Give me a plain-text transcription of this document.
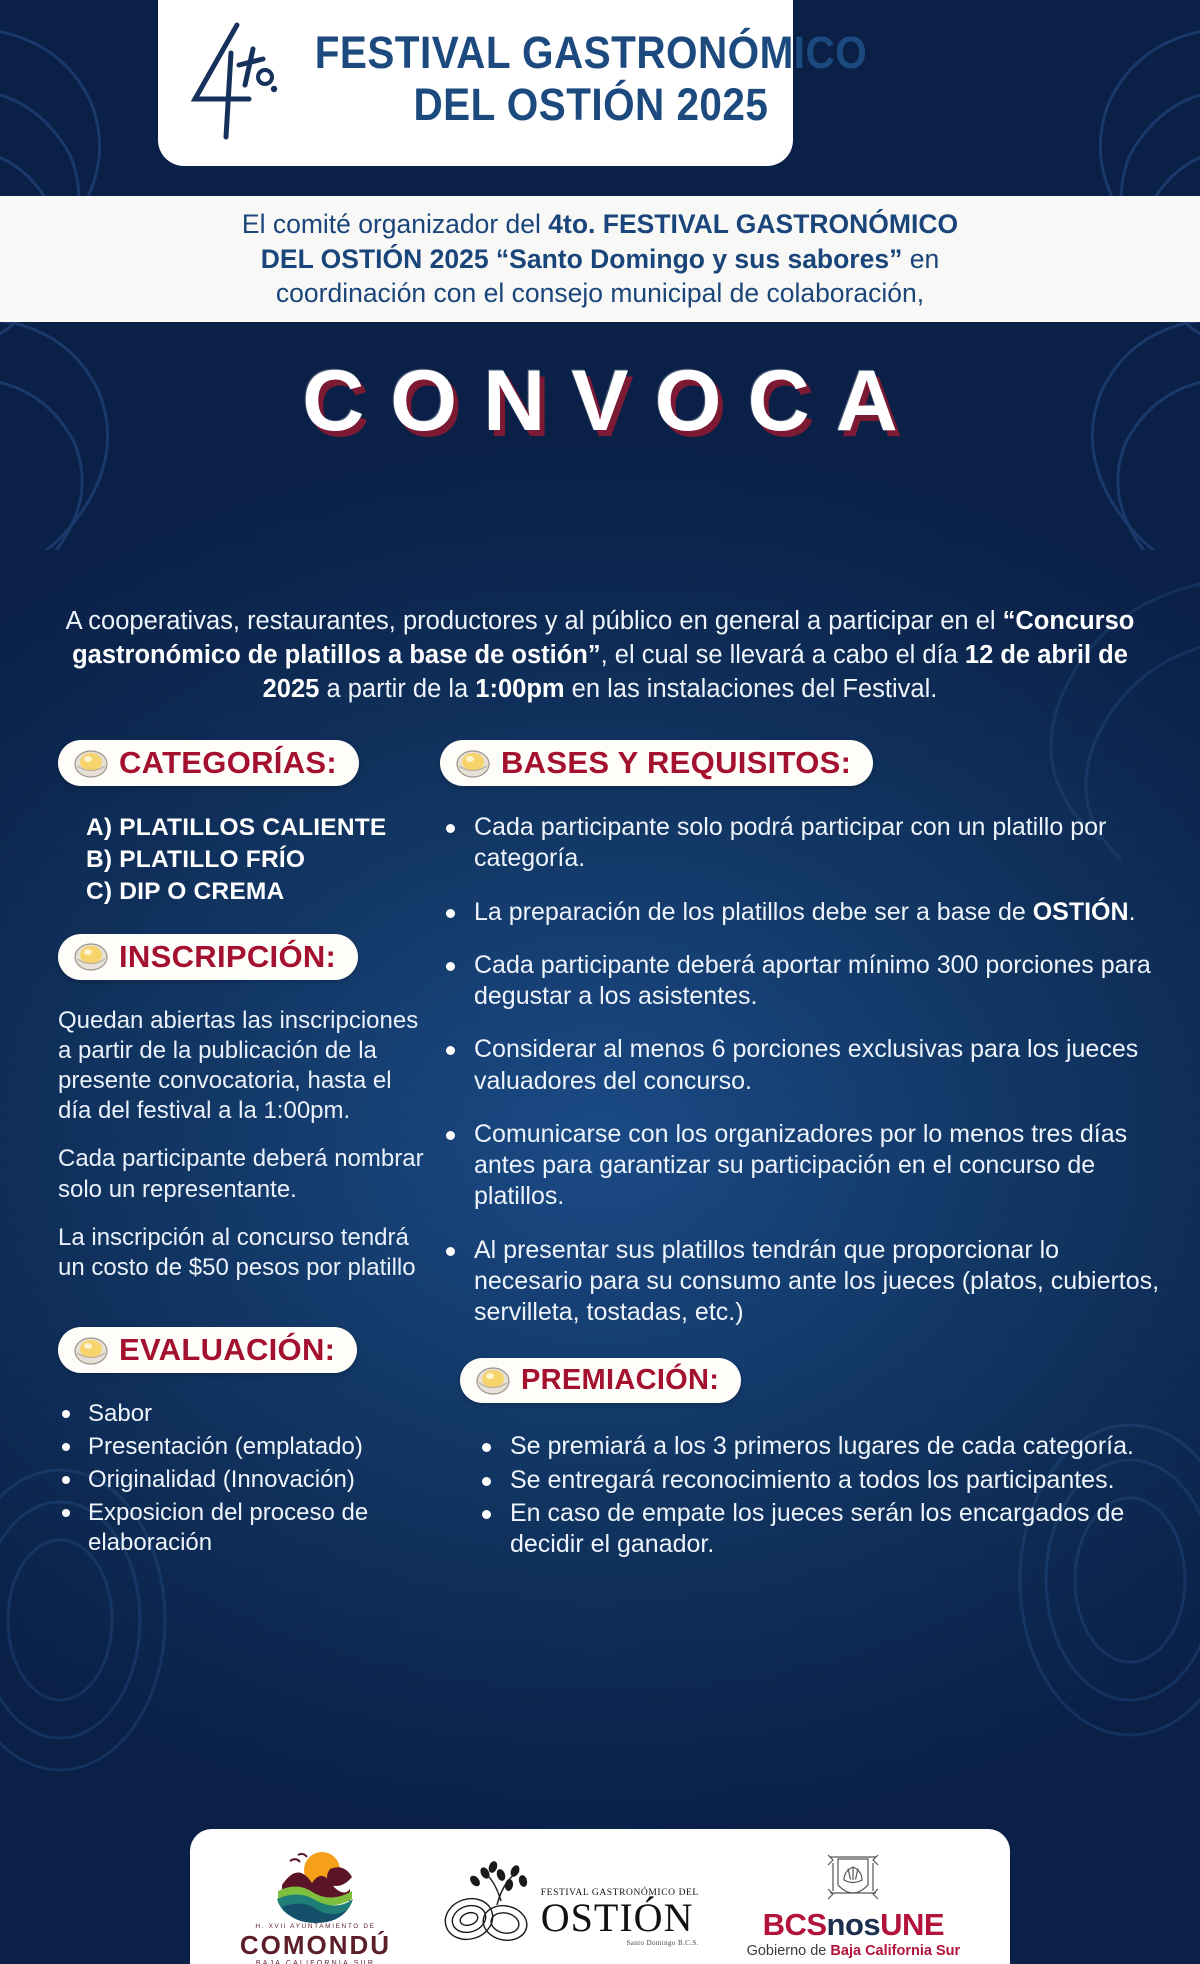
FESTIVAL GASTRONÓMICO
DEL OSTIÓN 2025
El comité organizador del 4to. FESTIVAL GASTRONÓMICO
DEL OSTIÓN 2025 “Santo Domingo y sus sabores” en
coordinación con el consejo municipal de colaboración,
CONVOCA
A cooperativas, restaurantes, productores y al público en general a participar en el “Concurso gastronómico de platillos a base de ostión”, el cual se llevará a cabo el día 12 de abril de 2025 a partir de la 1:00pm en las instalaciones del Festival.
CATEGORÍAS:
A) PLATILLOS CALIENTE
B) PLATILLO FRÍO
C) DIP O CREMA
INSCRIPCIÓN:
Quedan abiertas las inscripciones a partir de la publicación de la presente convocatoria, hasta el día del festival a la 1:00pm.
Cada participante deberá nombrar solo un representante.
La inscripción al concurso tendrá un costo de $50 pesos por platillo
EVALUACIÓN:
Sabor
Presentación (emplatado)
Originalidad (Innovación)
Exposicion del proceso de elaboración
BASES Y REQUISITOS:
Cada participante solo podrá participar con un platillo por categoría.
La preparación de los platillos debe ser a base de OSTIÓN.
Cada participante deberá aportar mínimo 300 porciones para degustar a los asistentes.
Considerar al menos 6 porciones exclusivas para los jueces valuadores del concurso.
Comunicarse con los organizadores por lo menos tres días antes para garantizar su participación en el concurso de platillos.
Al presentar sus platillos tendrán que proporcionar lo necesario para su consumo ante los jueces (platos, cubiertos, servilleta, tostadas, etc.)
PREMIACIÓN:
Se premiará a los 3 primeros lugares de cada categoría.
Se entregará reconocimiento a todos los participantes.
En caso de empate los jueces serán los encargados de decidir el ganador.
H. XVII AYUNTAMIENTO DE
COMONDÚ
BAJA CALIFORNIA SUR
FESTIVAL GASTRONÓMICO DEL
OSTIÓN
Santo Domingo B.C.S.
BCSnosUNE
Gobierno de Baja California Sur
